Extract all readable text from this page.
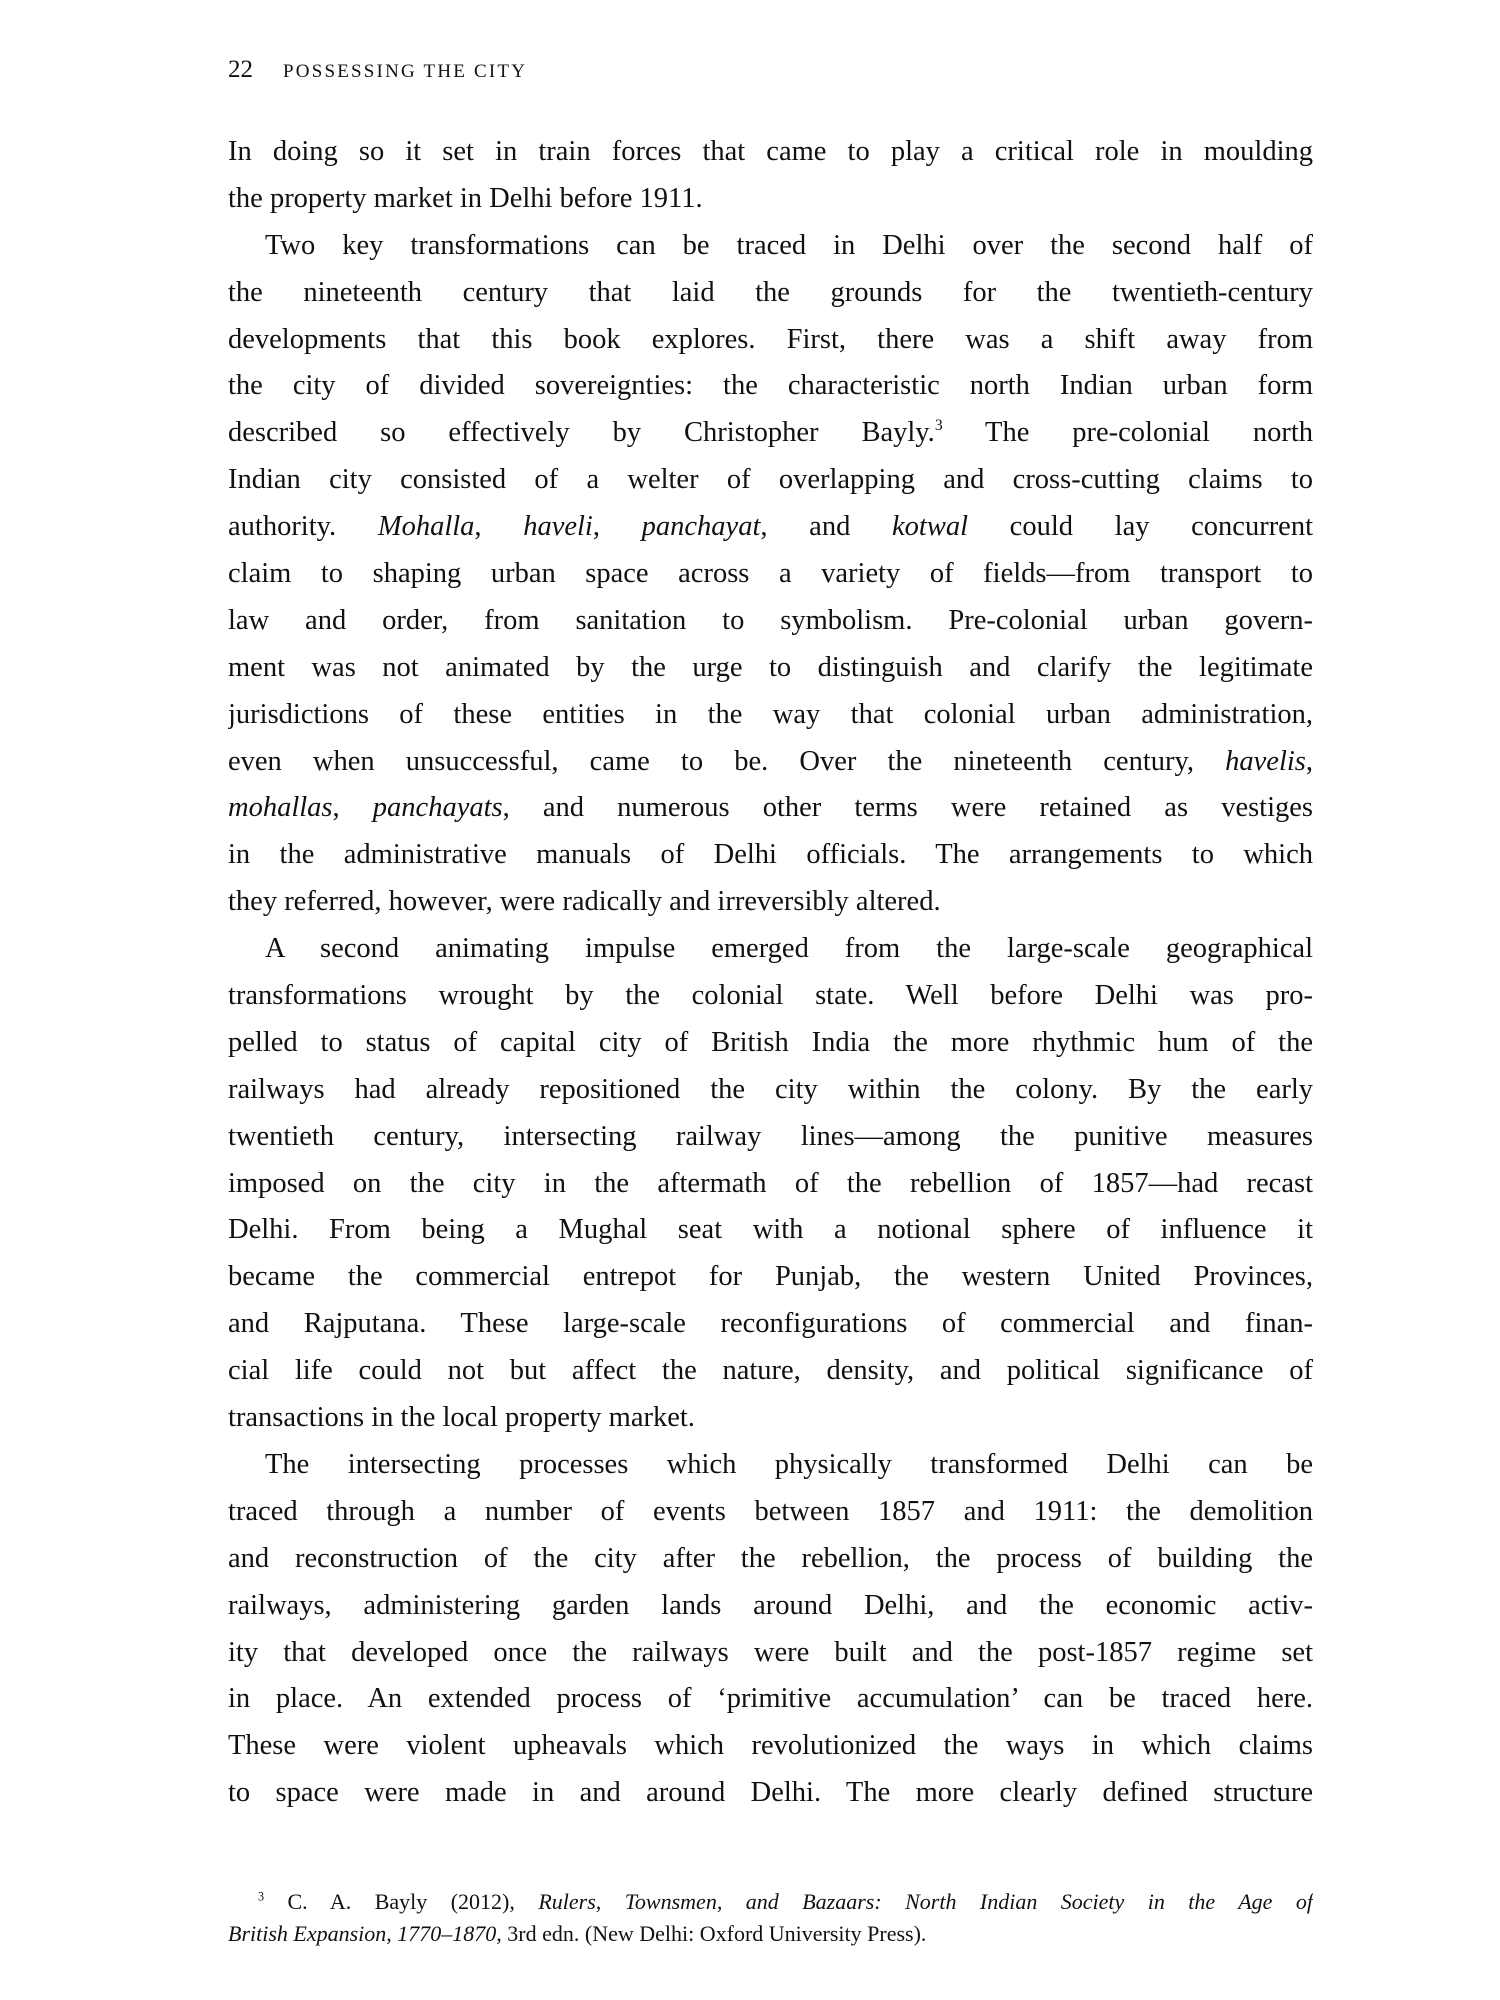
22 POSSESSING THE CITY
In doing so it set in train forces that came to play a critical role in moulding
the property market in Delhi before 1911.
Two key transformations can be traced in Delhi over the second half of
the nineteenth century that laid the grounds for the twentieth-century
developments that this book explores. First, there was a shift away from
the city of divided sovereignties: the characteristic north Indian urban form
described so effectively by Christopher Bayly.$^3$ The pre-colonial north
Indian city consisted of a welter of overlapping and cross-cutting claims to
authority. Mohalla, haveli, panchayat, and kotwal could lay concurrent
claim to shaping urban space across a variety of fields—from transport to
law and order, from sanitation to symbolism. Pre-colonial urban govern-
ment was not animated by the urge to distinguish and clarify the legitimate
jurisdictions of these entities in the way that colonial urban administration,
even when unsuccessful, came to be. Over the nineteenth century, havelis,
mohallas, panchayats, and numerous other terms were retained as vestiges
in the administrative manuals of Delhi officials. The arrangements to which
they referred, however, were radically and irreversibly altered.
A second animating impulse emerged from the large-scale geographical
transformations wrought by the colonial state. Well before Delhi was pro-
pelled to status of capital city of British India the more rhythmic hum of the
railways had already repositioned the city within the colony. By the early
twentieth century, intersecting railway lines—among the punitive measures
imposed on the city in the aftermath of the rebellion of 1857—had recast
Delhi. From being a Mughal seat with a notional sphere of influence it
became the commercial entrepot for Punjab, the western United Provinces,
and Rajputana. These large-scale reconfigurations of commercial and finan-
cial life could not but affect the nature, density, and political significance of
transactions in the local property market.
The intersecting processes which physically transformed Delhi can be
traced through a number of events between 1857 and 1911: the demolition
and reconstruction of the city after the rebellion, the process of building the
railways, administering garden lands around Delhi, and the economic activ-
ity that developed once the railways were built and the post-1857 regime set
in place. An extended process of ‘primitive accumulation’ can be traced here.
These were violent upheavals which revolutionized the ways in which claims
to space were made in and around Delhi. The more clearly defined structure
$^3$ C. A. Bayly (2012), Rulers, Townsmen, and Bazaars: North Indian Society in the Age of
British Expansion, 1770–1870, 3rd edn. (New Delhi: Oxford University Press).
